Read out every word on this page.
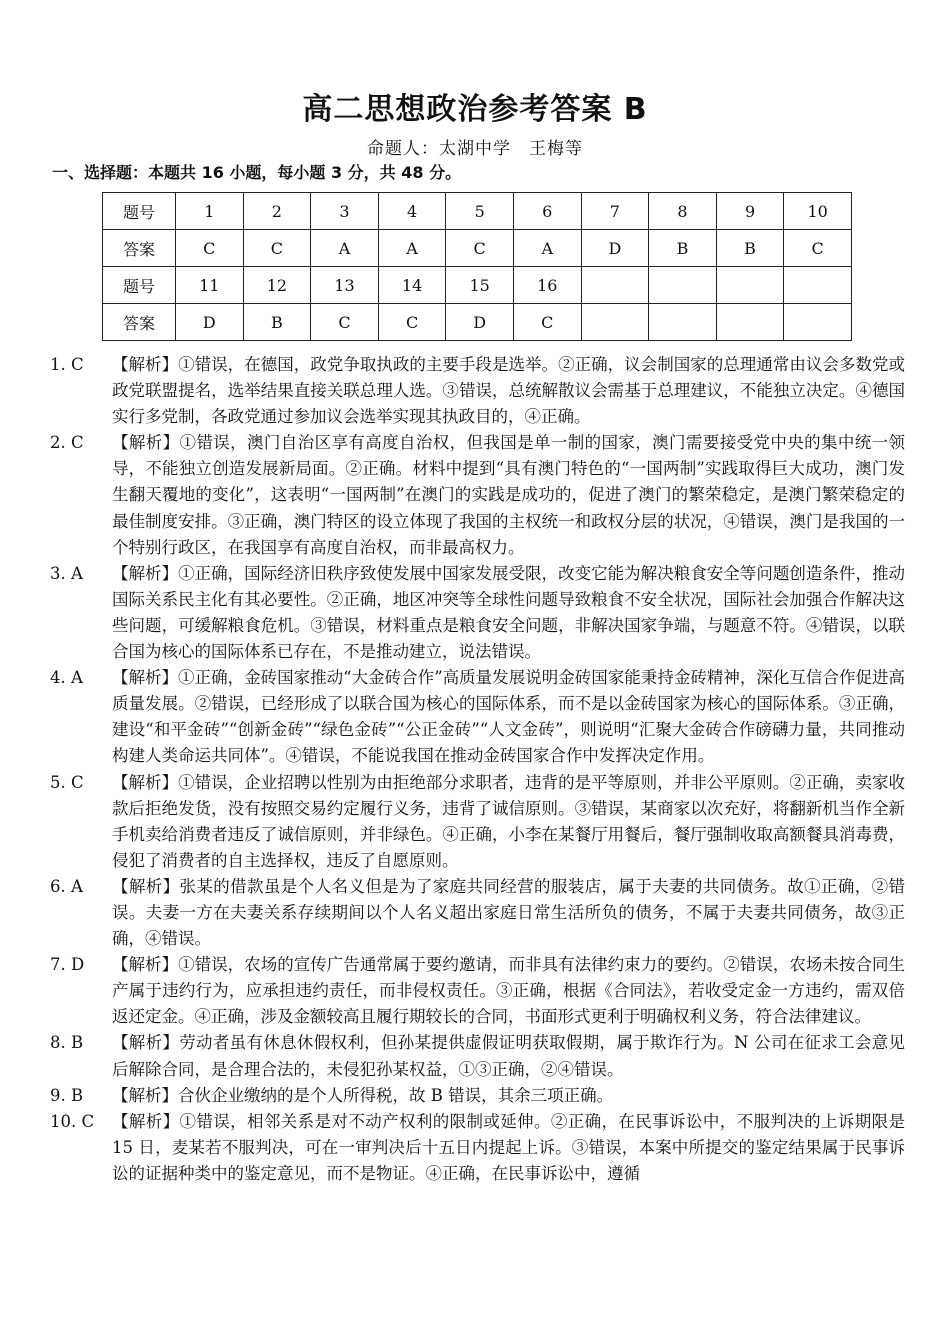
高二思想政治参考答案 B
命题人：太湖中学　王梅等
一、选择题：本题共 16 小题，每小题 3 分，共 48 分。
题号	1	2	3	4	5	6	7	8	9	10
答案	C	C	A	A	C	A	D	B	B	C
题号	11	12	13	14	15	16				
答案	D	B	C	C	D	C				
1. C 【解析】①错误，在德国，政党争取执政的主要手段是选举。②正确，议会制国家的总理通常由议会多数党或政党联盟提名，选举结果直接关联总理人选。③错误，总统解散议会需基于总理建议，不能独立决定。④德国实行多党制，各政党通过参加议会选举实现其执政目的，④正确。
2. C 【解析】①错误，澳门自治区享有高度自治权，但我国是单一制的国家，澳门需要接受党中央的集中统一领导，不能独立创造发展新局面。②正确。材料中提到“具有澳门特色的“一国两制”实践取得巨大成功，澳门发生翻天覆地的变化”，这表明“一国两制”在澳门的实践是成功的，促进了澳门的繁荣稳定，是澳门繁荣稳定的最佳制度安排。③正确，澳门特区的设立体现了我国的主权统一和政权分层的状况，④错误，澳门是我国的一个特别行政区，在我国享有高度自治权，而非最高权力。
3. A 【解析】①正确，国际经济旧秩序致使发展中国家发展受限，改变它能为解决粮食安全等问题创造条件，推动国际关系民主化有其必要性。②正确，地区冲突等全球性问题导致粮食不安全状况，国际社会加强合作解决这些问题，可缓解粮食危机。③错误，材料重点是粮食安全问题，非解决国家争端，与题意不符。④错误，以联合国为核心的国际体系已存在，不是推动建立，说法错误。
4. A 【解析】①正确，金砖国家推动“大金砖合作”高质量发展说明金砖国家能秉持金砖精神，深化互信合作促进高质量发展。②错误，已经形成了以联合国为核心的国际体系，而不是以金砖国家为核心的国际体系。③正确，建设“和平金砖”“创新金砖”“绿色金砖”“公正金砖”“人文金砖”，则说明“汇聚大金砖合作磅礴力量，共同推动构建人类命运共同体”。④错误，不能说我国在推动金砖国家合作中发挥决定作用。
5. C 【解析】①错误，企业招聘以性别为由拒绝部分求职者，违背的是平等原则，并非公平原则。②正确，卖家收款后拒绝发货，没有按照交易约定履行义务，违背了诚信原则。③错误，某商家以次充好，将翻新机当作全新手机卖给消费者违反了诚信原则，并非绿色。④正确，小李在某餐厅用餐后，餐厅强制收取高额餐具消毒费，侵犯了消费者的自主选择权，违反了自愿原则。
6. A 【解析】张某的借款虽是个人名义但是为了家庭共同经营的服装店，属于夫妻的共同债务。故①正确，②错误。夫妻一方在夫妻关系存续期间以个人名义超出家庭日常生活所负的债务，不属于夫妻共同债务，故③正确，④错误。
7. D 【解析】①错误，农场的宣传广告通常属于要约邀请，而非具有法律约束力的要约。②错误，农场未按合同生产属于违约行为，应承担违约责任，而非侵权责任。③正确，根据《合同法》，若收受定金一方违约，需双倍返还定金。④正确，涉及金额较高且履行期较长的合同，书面形式更利于明确权利义务，符合法律建议。
8. B 【解析】劳动者虽有休息休假权利，但孙某提供虚假证明获取假期，属于欺诈行为。N 公司在征求工会意见后解除合同，是合理合法的，未侵犯孙某权益，①③正确，②④错误。
9. B 【解析】合伙企业缴纳的是个人所得税，故 B 错误，其余三项正确。
10. C 【解析】①错误，相邻关系是对不动产权利的限制或延伸。②正确，在民事诉讼中，不服判决的上诉期限是 15 日，麦某若不服判决，可在一审判决后十五日内提起上诉。③错误，本案中所提交的鉴定结果属于民事诉讼的证据种类中的鉴定意见，而不是物证。④正确，在民事诉讼中，遵循
